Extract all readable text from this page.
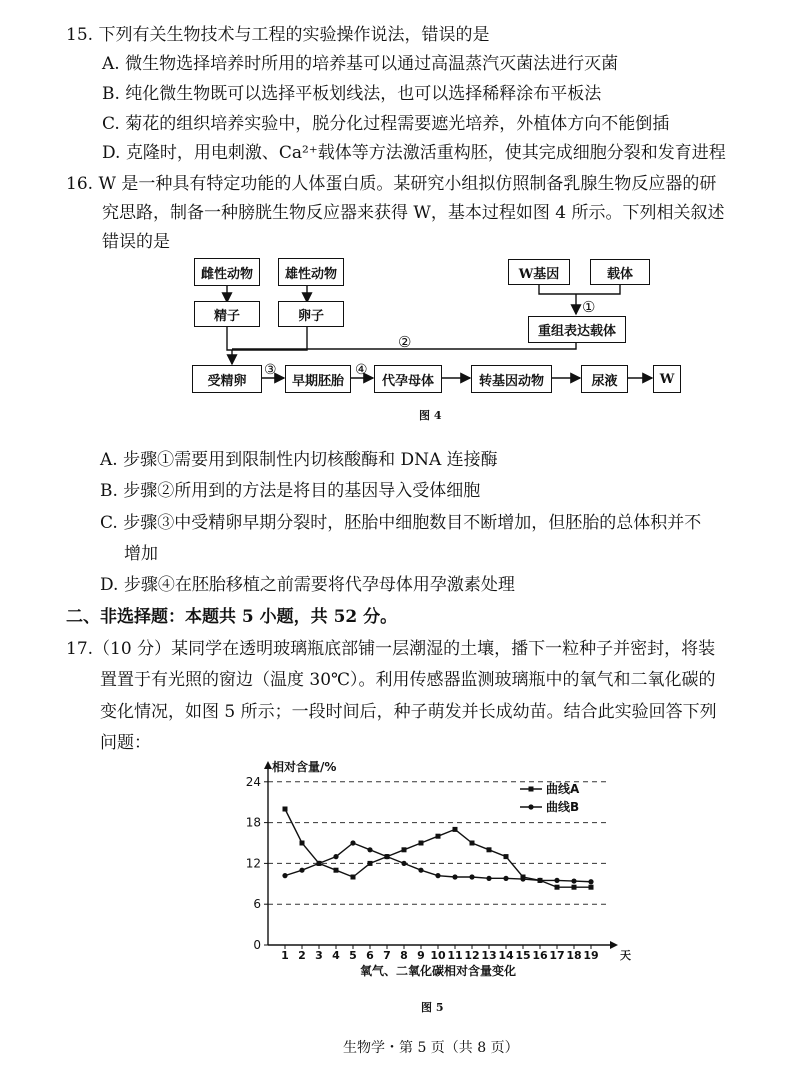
15. 下列有关生物技术与工程的实验操作说法，错误的是
A. 微生物选择培养时所用的培养基可以通过高温蒸汽灭菌法进行灭菌
B. 纯化微生物既可以选择平板划线法，也可以选择稀释涂布平板法
C. 菊花的组织培养实验中，脱分化过程需要遮光培养，外植体方向不能倒插
D. 克隆时，用电刺激、Ca²⁺载体等方法激活重构胚，使其完成细胞分裂和发育进程
16. W 是一种具有特定功能的人体蛋白质。某研究小组拟仿照制备乳腺生物反应器的研
究思路，制备一种膀胱生物反应器来获得 W，基本过程如图 4 所示。下列相关叙述
错误的是
雌性动物	雄性动物
精子	卵子
W基因	载体
重组表达载体
受精卵	早期胚胎	代孕母体	转基因动物	尿液	W
①
②
③	④
图 4
A. 步骤①需要用到限制性内切核酸酶和 DNA 连接酶
B. 步骤②所用到的方法是将目的基因导入受体细胞
C. 步骤③中受精卵早期分裂时，胚胎中细胞数目不断增加，但胚胎的总体积并不
增加
D. 步骤④在胚胎移植之前需要将代孕母体用孕激素处理
二、非选择题：本题共 5 小题，共 52 分。
17.（10 分）某同学在透明玻璃瓶底部铺一层潮湿的土壤，播下一粒种子并密封，将装
置置于有光照的窗边（温度 30℃）。利用传感器监测玻璃瓶中的氧气和二氧化碳的
变化情况，如图 5 所示；一段时间后，种子萌发并长成幼苗。结合此实验回答下列
问题：
0
6
12
18
24
1 2 3 4 5 6 7 8 9 10 11 12 13 14 15 16 17 18 19 天
相对含量/%
氧气、二氧化碳相对含量变化
曲线A
曲线B
图 5
生物学・第 5 页（共 8 页）
